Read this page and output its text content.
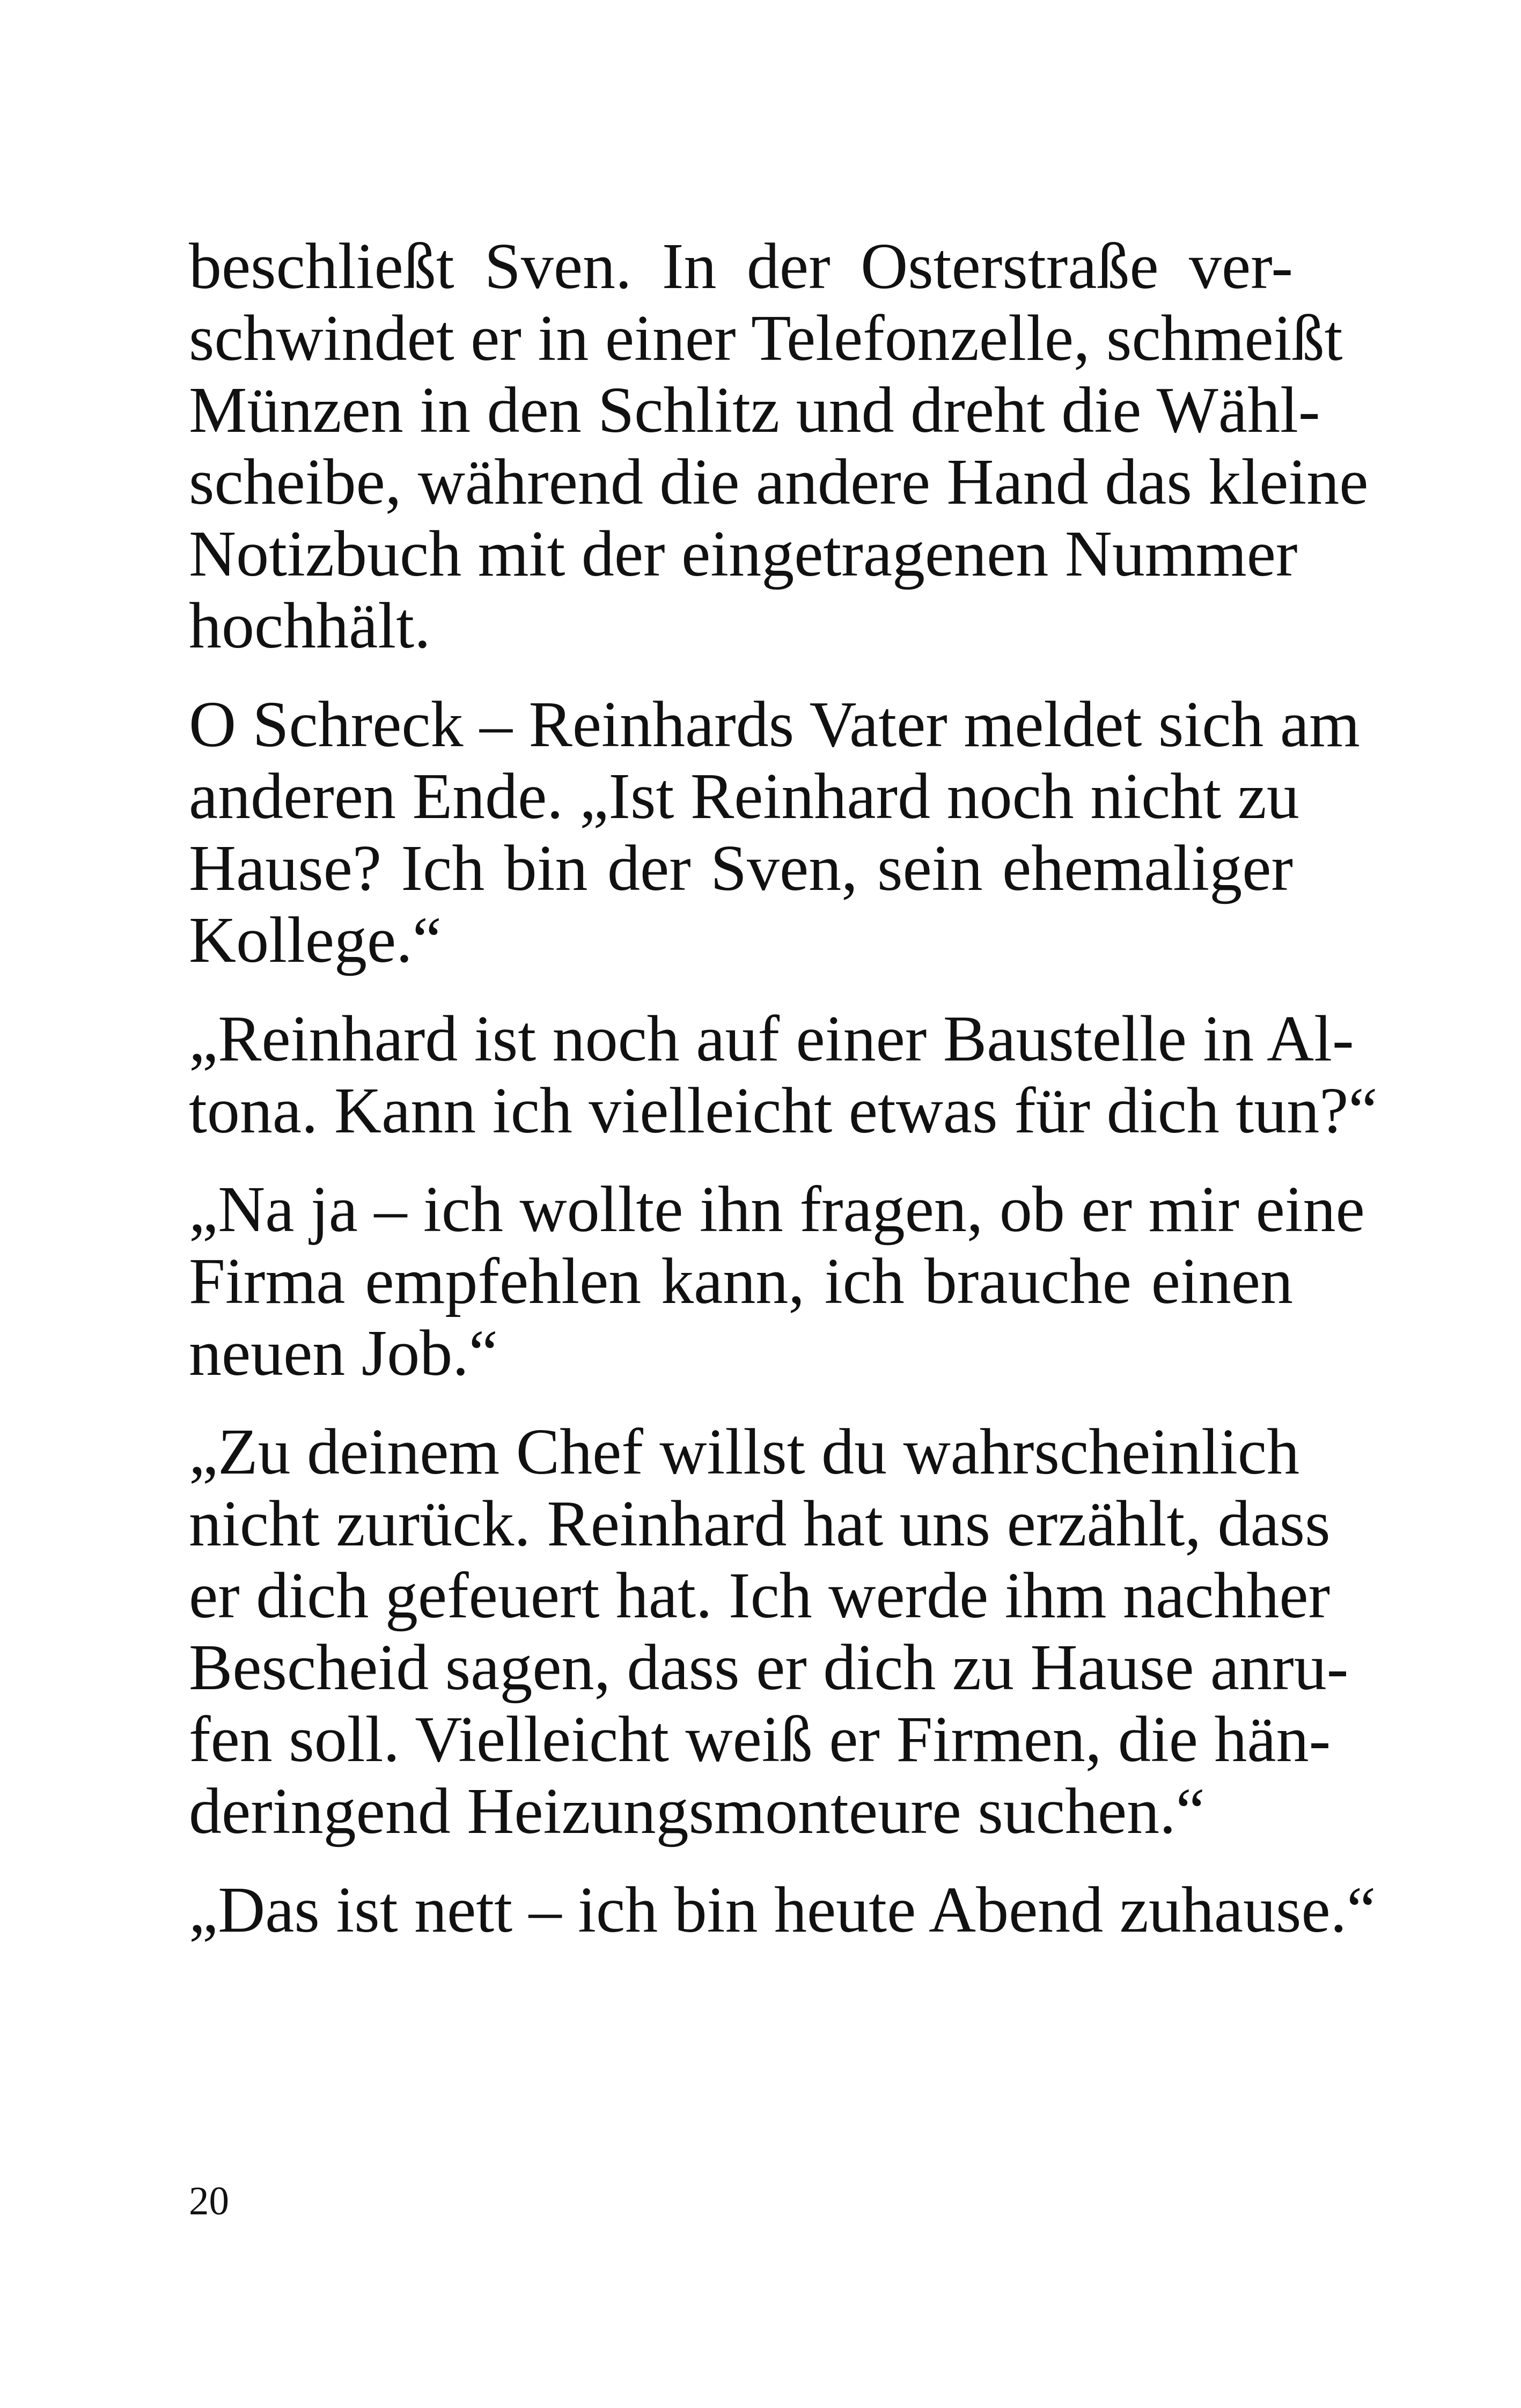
beschließt Sven. In der Osterstraße ver-
schwindet er in einer Telefonzelle, schmeißt
Münzen in den Schlitz und dreht die Wähl-
scheibe, während die andere Hand das kleine
Notizbuch mit der eingetragenen Nummer
hochhält.

O Schreck – Reinhards Vater meldet sich am
anderen Ende. „Ist Reinhard noch nicht zu
Hause? Ich bin der Sven, sein ehemaliger
Kollege.“

„Reinhard ist noch auf einer Baustelle in Al-
tona. Kann ich vielleicht etwas für dich tun?“

„Na ja – ich wollte ihn fragen, ob er mir eine
Firma empfehlen kann, ich brauche einen
neuen Job.“

„Zu deinem Chef willst du wahrscheinlich
nicht zurück. Reinhard hat uns erzählt, dass
er dich gefeuert hat. Ich werde ihm nachher
Bescheid sagen, dass er dich zu Hause anru-
fen soll. Vielleicht weiß er Firmen, die hän-
deringend Heizungsmonteure suchen.“

„Das ist nett – ich bin heute Abend zuhause.“

20
